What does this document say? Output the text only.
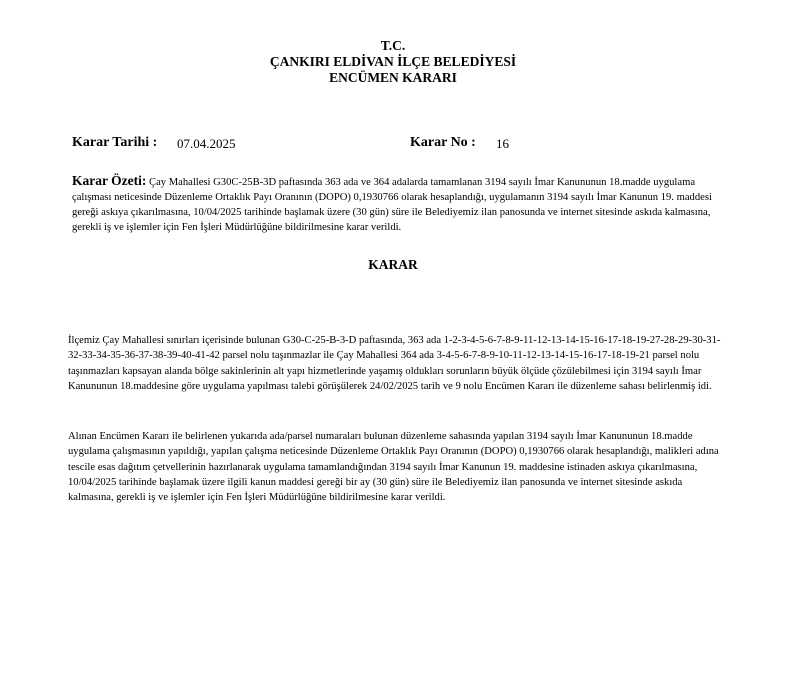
T.C.
ÇANKIRI ELDİVAN İLÇE BELEDİYESİ
ENCÜMEN KARARI
Karar Tarihi : 07.04.2025	Karar No : 16
Karar Özeti: Çay Mahallesi G30C-25B-3D paftasında 363 ada ve 364 adalarda tamamlanan 3194 sayılı İmar Kanununun 18.madde uygulama çalışması neticesinde Düzenleme Ortaklık Payı Oranının (DOPO) 0,1930766 olarak hesaplandığı, uygulamanın 3194 sayılı İmar Kanunun 19. maddesi gereği askıya çıkarılmasına, 10/04/2025 tarihinde başlamak üzere (30 gün) süre ile Belediyemiz ilan panosunda ve internet sitesinde askıda kalmasına, gerekli iş ve işlemler için Fen İşleri Müdürlüğüne bildirilmesine karar verildi.
KARAR
İlçemiz Çay Mahallesi sınırları içerisinde bulunan G30-C-25-B-3-D paftasında, 363 ada 1-2-3-4-5-6-7-8-9-11-12-13-14-15-16-17-18-19-27-28-29-30-31-32-33-34-35-36-37-38-39-40-41-42 parsel nolu taşınmazlar ile Çay Mahallesi 364 ada 3-4-5-6-7-8-9-10-11-12-13-14-15-16-17-18-19-21 parsel nolu taşınmazları kapsayan alanda bölge sakinlerinin alt yapı hizmetlerinde yaşamış oldukları sorunların büyük ölçüde çözülebilmesi için 3194 sayılı İmar Kanununun 18.maddesine göre uygulama yapılması talebi görüşülerek 24/02/2025 tarih ve 9 nolu Encümen Kararı ile düzenleme sahası belirlenmiş idi.
Alınan Encümen Kararı ile belirlenen yukarıda ada/parsel numaraları bulunan düzenleme sahasında yapılan 3194 sayılı İmar Kanununun 18.madde uygulama çalışmasının yapıldığı, yapılan çalışma neticesinde Düzenleme Ortaklık Payı Oranının (DOPO) 0,1930766 olarak hesaplandığı, malikleri adına tescile esas dağıtım çetvellerinin hazırlanarak uygulama tamamlandığından 3194 sayılı İmar Kanunun 19. maddesine istinaden askıya çıkarılmasına, 10/04/2025 tarihinde başlamak üzere ilgili kanun maddesi gereği bir ay (30 gün) süre ile Belediyemiz ilan panosunda ve internet sitesinde askıda kalmasına, gerekli iş ve işlemler için Fen İşleri Müdürlüğüne bildirilmesine karar verildi.
